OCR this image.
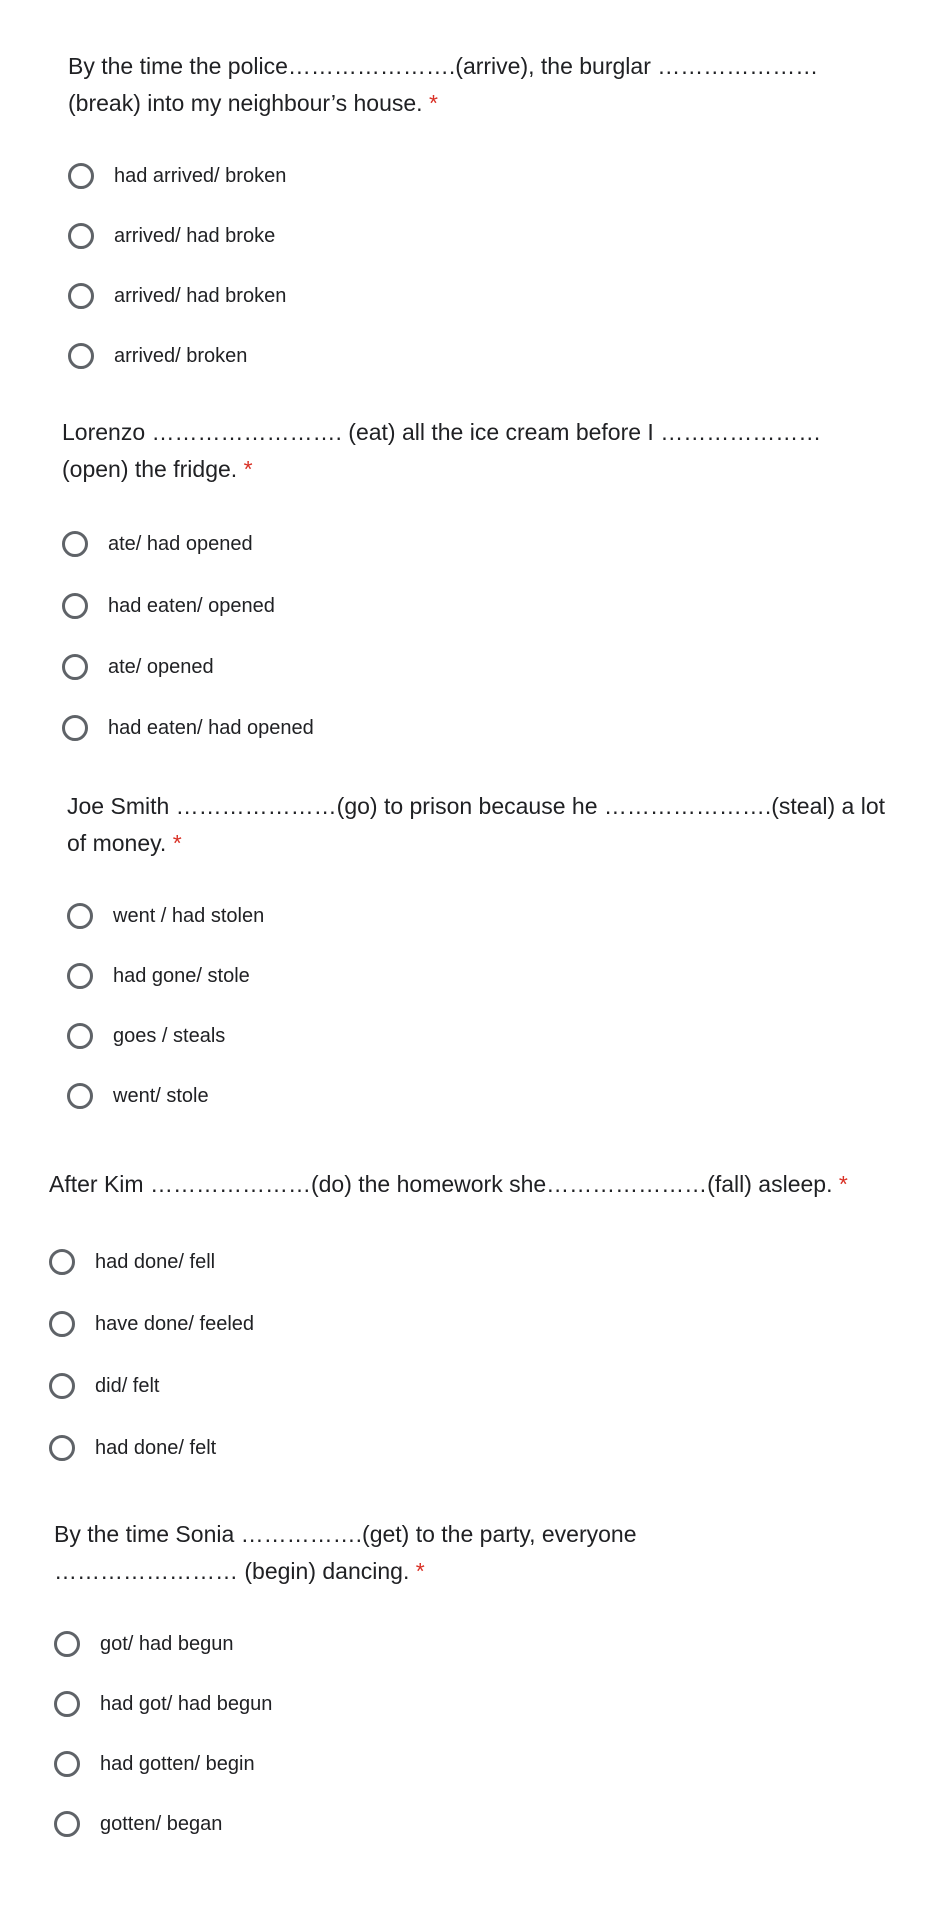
By the time the police………………….(arrive), the burglar …………………(break) into my neighbour’s house. *
had arrived/ broken
arrived/ had broke
arrived/ had broken
arrived/ broken
Lorenzo ……………………. (eat) all the ice cream before I …………………(open) the fridge. *
ate/ had opened
had eaten/ opened
ate/ opened
had eaten/ had opened
Joe Smith …………………(go) to prison because he ………………….(steal) a lot of money. *
went / had stolen
had gone/ stole
goes / steals
went/ stole
After Kim …………………(do) the homework she…………………(fall) asleep. *
had done/ fell
have done/ feeled
did/ felt
had done/ felt
By the time Sonia …………….(get) to the party, everyone …………………… (begin) dancing. *
got/ had begun
had got/ had begun
had gotten/ begin
gotten/ began
